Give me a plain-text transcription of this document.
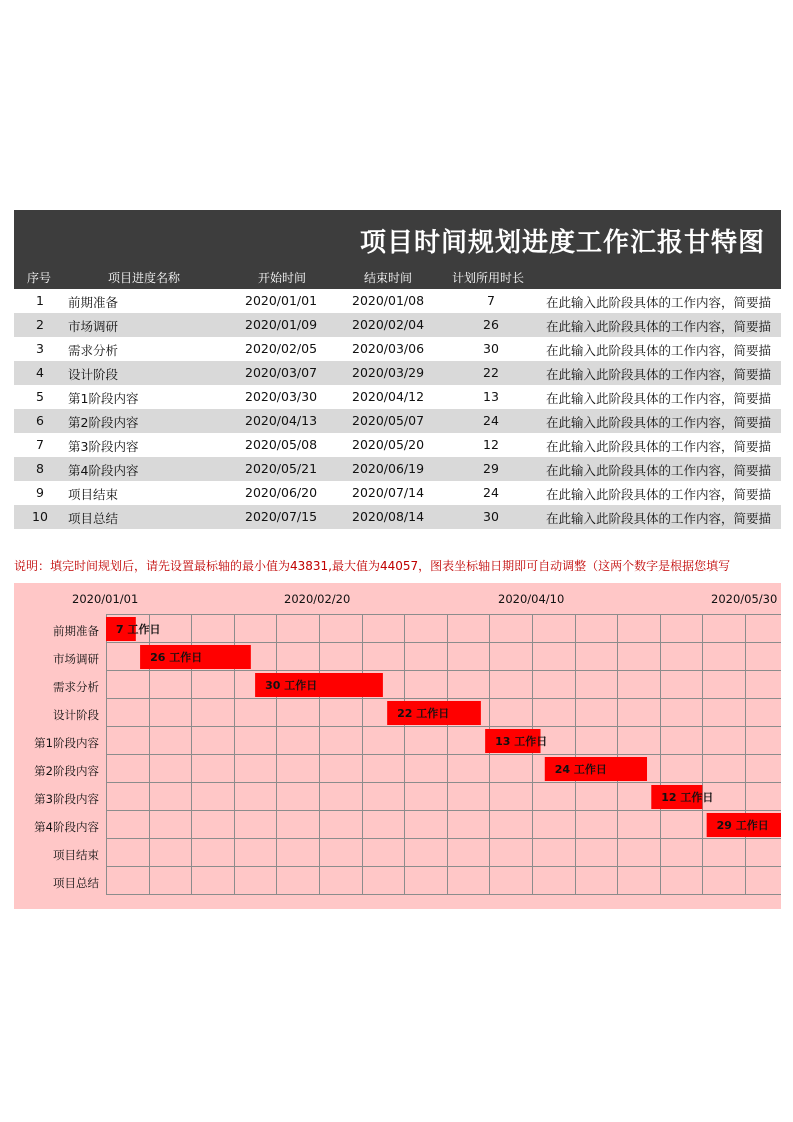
项目时间规划进度工作汇报甘特图
序号	项目进度名称	开始时间	结束时间	计划所用时长
1 前期准备	2020/01/01	2020/01/08	7	在此输入此阶段具体的工作内容，简要描
2 市场调研	2020/01/09	2020/02/04	26	在此输入此阶段具体的工作内容，简要描
3 需求分析	2020/02/05	2020/03/06	30	在此输入此阶段具体的工作内容，简要描
4 设计阶段	2020/03/07	2020/03/29	22	在此输入此阶段具体的工作内容，简要描
5 第1阶段内容	2020/03/30	2020/04/12	13	在此输入此阶段具体的工作内容，简要描
6 第2阶段内容	2020/04/13	2020/05/07	24	在此输入此阶段具体的工作内容，简要描
7 第3阶段内容	2020/05/08	2020/05/20	12	在此输入此阶段具体的工作内容，简要描
8 第4阶段内容	2020/05/21	2020/06/19	29	在此输入此阶段具体的工作内容，简要描
9 项目结束	2020/06/20	2020/07/14	24	在此输入此阶段具体的工作内容，简要描
10 项目总结	2020/07/15	2020/08/14	30	在此输入此阶段具体的工作内容，简要描
说明：填完时间规划后，请先设置最标轴的最小值为43831,最大值为44057，图表坐标轴日期即可自动调整（这两个数字是根据您填写
2020/01/01	2020/02/20	2020/04/10	2020/05/30
前期准备
市场调研
需求分析
设计阶段
第1阶段内容
第2阶段内容
第3阶段内容
第4阶段内容
项目结束
项目总结
7 工作日
26 工作日
30 工作日
22 工作日
13 工作日
24 工作日
12 工作日
29 工作日
